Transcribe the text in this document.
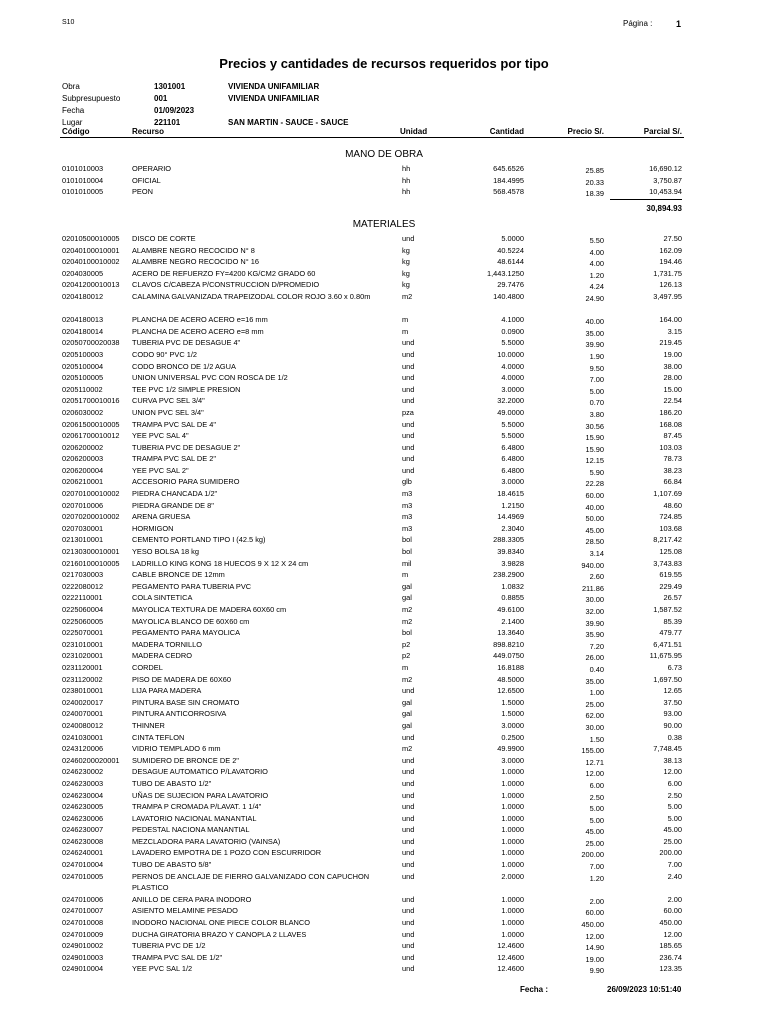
S10	Página :	1
Precios y cantidades de recursos requeridos por tipo
Obra	1301001	VIVIENDA UNIFAMILIAR
Subpresupuesto	001	VIVIENDA UNIFAMILIAR
Fecha	01/09/2023
Lugar	221101	SAN MARTIN - SAUCE - SAUCE
Código	Recurso	Unidad	Cantidad	Precio S/.	Parcial S/.
MANO DE OBRA
0101010003	OPERARIO	hh	645.6526	25.85	16,690.12
0101010004	OFICIAL	hh	184.4995	20.33	3,750.87
0101010005	PEON	hh	568.4578	18.39	10,453.94
30,894.93
MATERIALES
02010500010005 DISCO DE CORTE	und	5.0000	5.50	27.50
02040100010001 ALAMBRE NEGRO RECOCIDO N° 8	kg	40.5224	4.00	162.09
02040100010002 ALAMBRE NEGRO RECOCIDO N° 16	kg	48.6144	4.00	194.46
0204030005	ACERO DE REFUERZO FY=4200 KG/CM2 GRADO 60	kg	1,443.1250	1.20	1,731.75
02041200010013 CLAVOS C/CABEZA P/CONSTRUCCION D/PROMEDIO	kg	29.7476	4.24	126.13
0204180012	CALAMINA GALVANIZADA TRAPEIZODAL COLOR ROJO 3.60 x 0.80m	m2	140.4800	24.90	3,497.95
0204180013	PLANCHA DE ACERO ACERO e=16 mm	m	4.1000	40.00	164.00
0204180014	PLANCHA DE ACERO ACERO e=8 mm	m	0.0900	35.00	3.15
02050700020038 TUBERIA PVC DE DESAGUE 4"	und	5.5000	39.90	219.45
0205100003	CODO 90° PVC 1/2	und	10.0000	1.90	19.00
0205100004	CODO BRONCO DE 1/2 AGUA	und	4.0000	9.50	38.00
0205100005	UNION UNIVERSAL PVC CON ROSCA DE 1/2	und	4.0000	7.00	28.00
0205110002	TEE PVC 1/2 SIMPLE PRESION	und	3.0000	5.00	15.00
02051700010016 CURVA PVC SEL 3/4"	und	32.2000	0.70	22.54
0206030002	UNION PVC SEL 3/4"	pza	49.0000	3.80	186.20
02061500010005 TRAMPA PVC SAL DE 4"	und	5.5000	30.56	168.08
02061700010012 YEE PVC SAL 4"	und	5.5000	15.90	87.45
0206200002	TUBERIA PVC DE DESAGUE 2"	und	6.4800	15.90	103.03
0206200003	TRAMPA PVC SAL DE 2"	und	6.4800	12.15	78.73
0206200004	YEE PVC SAL 2"	und	6.4800	5.90	38.23
0206210001	ACCESORIO PARA SUMIDERO	glb	3.0000	22.28	66.84
02070100010002 PIEDRA CHANCADA 1/2"	m3	18.4615	60.00	1,107.69
0207010006	PIEDRA GRANDE DE 8"	m3	1.2150	40.00	48.60
02070200010002 ARENA GRUESA	m3	14.4969	50.00	724.85
0207030001	HORMIGON	m3	2.3040	45.00	103.68
0213010001	CEMENTO PORTLAND TIPO I (42.5 kg)	bol	288.3305	28.50	8,217.42
02130300010001 YESO BOLSA 18 kg	bol	39.8340	3.14	125.08
02160100010005 LADRILLO KING KONG 18 HUECOS 9 X 12 X 24 cm	mil	3.9828	940.00	3,743.83
0217030003	CABLE BRONCE DE 12mm	m	238.2900	2.60	619.55
0222080012	PEGAMENTO PARA TUBERIA PVC	gal	1.0832	211.86	229.49
0222110001	COLA SINTETICA	gal	0.8855	30.00	26.57
0225060004	MAYOLICA TEXTURA DE MADERA 60X60 cm	m2	49.6100	32.00	1,587.52
0225060005	MAYOLICA BLANCO DE 60X60 cm	m2	2.1400	39.90	85.39
0225070001	PEGAMENTO PARA MAYOLICA	bol	13.3640	35.90	479.77
0231010001	MADERA TORNILLO	p2	898.8210	7.20	6,471.51
0231020001	MADERA CEDRO	p2	449.0750	26.00	11,675.95
0231120001	CORDEL	m	16.8188	0.40	6.73
0231120002	PISO DE MADERA DE 60X60	m2	48.5000	35.00	1,697.50
0238010001	LIJA PARA MADERA	und	12.6500	1.00	12.65
0240020017	PINTURA BASE SIN CROMATO	gal	1.5000	25.00	37.50
0240070001	PINTURA ANTICORROSIVA	gal	1.5000	62.00	93.00
0240080012	THINNER	gal	3.0000	30.00	90.00
0241030001	CINTA TEFLON	und	0.2500	1.50	0.38
0243120006	VIDRIO TEMPLADO 6 mm	m2	49.9900	155.00	7,748.45
02460200020001 SUMIDERO DE BRONCE DE 2"	und	3.0000	12.71	38.13
0246230002	DESAGUE AUTOMATICO P/LAVATORIO	und	1.0000	12.00	12.00
0246230003	TUBO DE ABASTO 1/2"	und	1.0000	6.00	6.00
0246230004	UÑAS DE SUJECION PARA LAVATORIO	und	1.0000	2.50	2.50
0246230005	TRAMPA P CROMADA P/LAVAT. 1 1/4"	und	1.0000	5.00	5.00
0246230006	LAVATORIO NACIONAL MANANTIAL	und	1.0000	5.00	5.00
0246230007	PEDESTAL NACIONA MANANTIAL	und	1.0000	45.00	45.00
0246230008	MEZCLADORA PARA LAVATORIO (VAINSA)	und	1.0000	25.00	25.00
0246240001	LAVADERO EMPOTRA DE 1 POZO CON ESCURRIDOR	und	1.0000	200.00	200.00
0247010004	TUBO DE ABASTO 5/8"	und	1.0000	7.00	7.00
0247010005	PERNOS DE ANCLAJE DE FIERRO GALVANIZADO CON CAPUCHON PLASTICO
und	2.0000	1.20	2.40
0247010006	ANILLO DE CERA PARA INODORO	und	1.0000	2.00	2.00
0247010007	ASIENTO MELAMINE PESADO	und	1.0000	60.00	60.00
0247010008	INODORO NACIONAL ONE PIECE COLOR BLANCO	und	1.0000	450.00	450.00
0247010009	DUCHA GIRATORIA BRAZO Y CANOPLA 2 LLAVES	und	1.0000	12.00	12.00
0249010002	TUBERIA PVC DE 1/2	und	12.4600	14.90	185.65
0249010003	TRAMPA PVC SAL DE 1/2"	und	12.4600	19.00	236.74
0249010004	YEE PVC SAL 1/2	und	12.4600	9.90	123.35
Fecha :	26/09/2023 10:51:40
